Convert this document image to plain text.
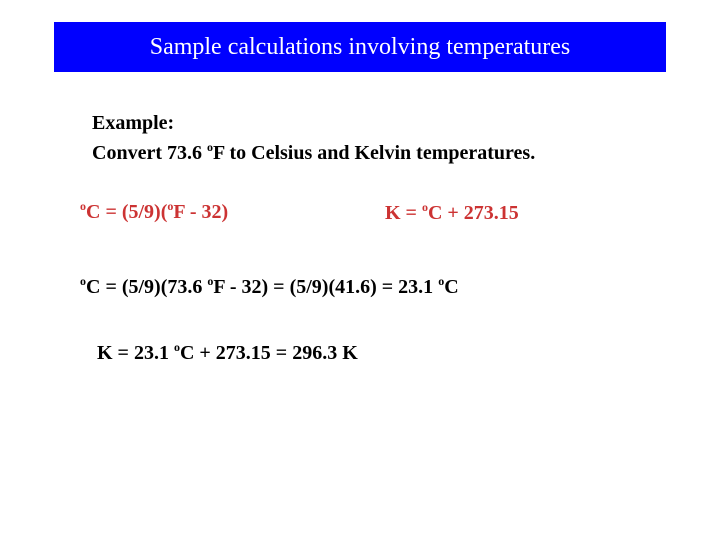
Sample calculations involving temperatures
Example:
Convert 73.6 $^o$F to Celsius and Kelvin temperatures.
$^o$C = (5/9)($^o$F - 32)	K = $^o$C + 273.15
$^o$C = (5/9)(73.6 $^o$F - 32) = (5/9)(41.6) = 23.1 $^o$C
K = 23.1 $^o$C + 273.15 = 296.3 K
